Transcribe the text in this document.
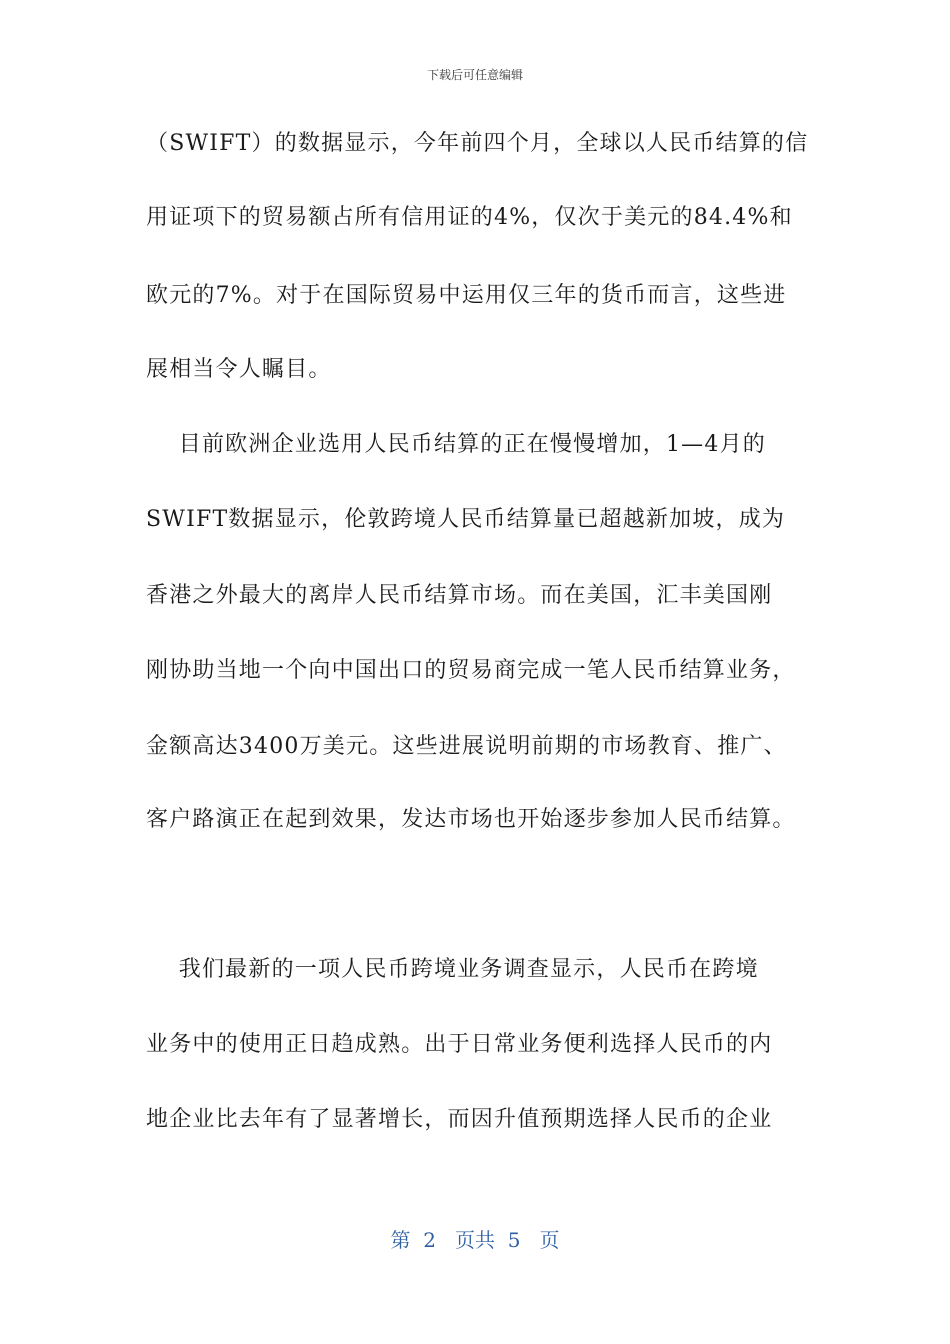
下载后可任意编辑
（SWIFT）的数据显示，今年前四个月，全球以人民币结算的信
用证项下的贸易额占所有信用证的4%，仅次于美元的84.4%和
欧元的7%。对于在国际贸易中运用仅三年的货币而言，这些进
展相当令人瞩目。
目前欧洲企业选用人民币结算的正在慢慢增加，1—4月的
SWIFT数据显示，伦敦跨境人民币结算量已超越新加坡，成为
香港之外最大的离岸人民币结算市场。而在美国，汇丰美国刚
刚协助当地一个向中国出口的贸易商完成一笔人民币结算业务，
金额高达3400万美元。这些进展说明前期的市场教育、推广、
客户路演正在起到效果，发达市场也开始逐步参加人民币结算。
我们最新的一项人民币跨境业务调查显示，人民币在跨境
业务中的使用正日趋成熟。出于日常业务便利选择人民币的内
地企业比去年有了显著增长，而因升值预期选择人民币的企业
第  2   页共  5   页
